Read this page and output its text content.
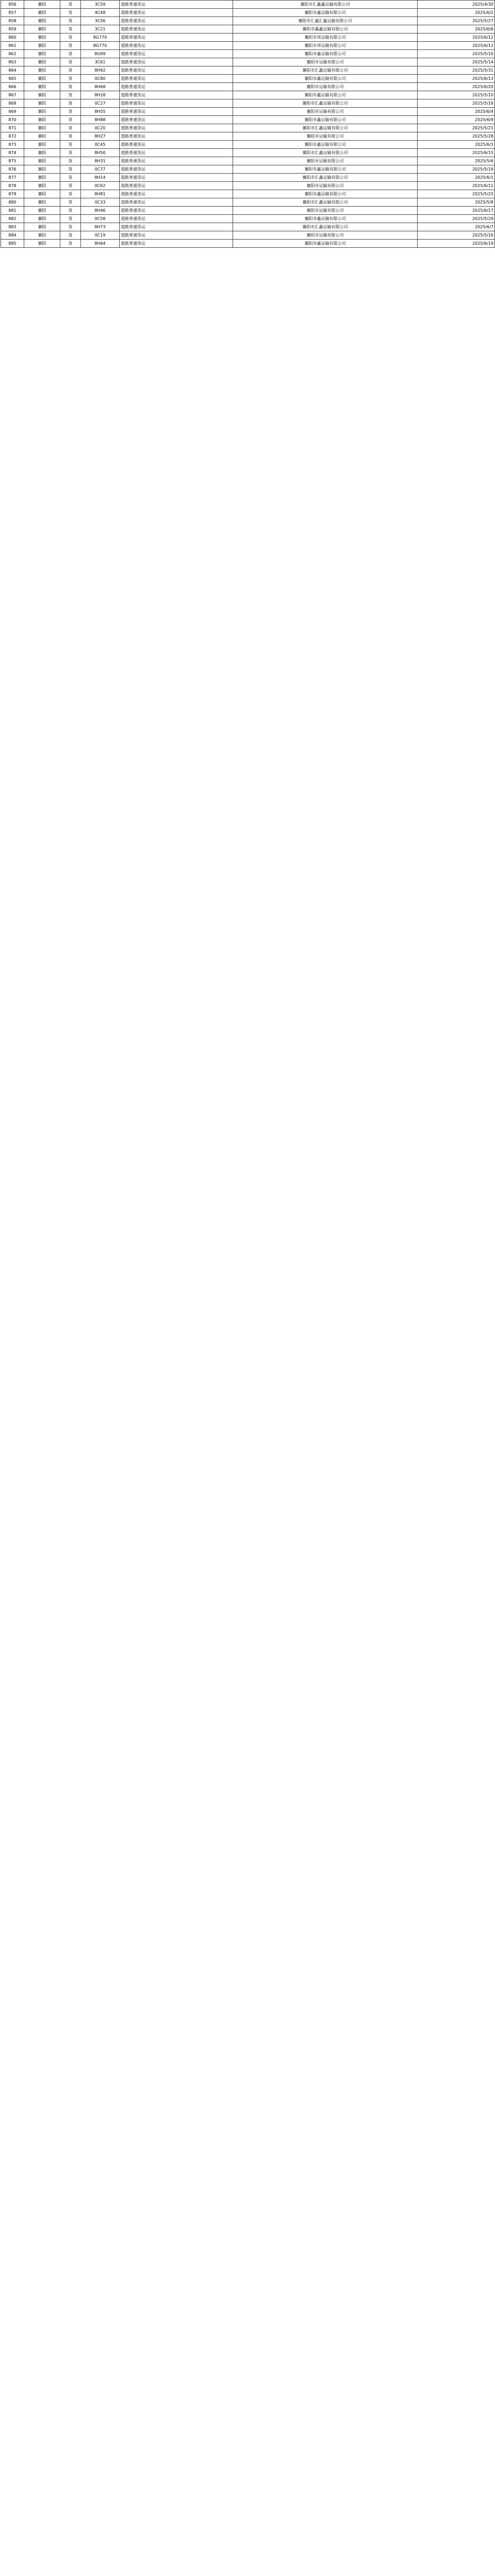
856	襄阳	货	3C59	道路普通货运	襄阳市汇鑫鑫运输有限公司	2025/4/30
857	襄阳	货	4C48	道路普通货运	襄阳市鑫运输有限公司	2025/6/2
858	襄阳	货	3C56	道路普通货运	襄阳市汇鑫汇鑫运输有限公司	2025/5/27
859	襄阳	货	3C21	道路普通货运	襄阳市鑫鑫运输有限公司	2025/6/6
860	襄阳	货	8G770	道路普通货运	襄阳市邦运输有限公司	2025/6/12
861	襄阳	货	8G770	道路普通货运	襄阳市邦运输有限公司	2025/6/12
862	襄阳	货	8G99	道路普通货运	襄阳市鑫运输有限公司	2025/5/10
863	襄阳	货	3C61	道路普通货运	襄阳市运输有限公司	2025/5/14
864	襄阳	货	8H92	道路普通货运	襄阳市汇鑫运输有限公司	2025/5/31
865	襄阳	货	0C80	道路普通货运	襄阳市鑫运输有限公司	2025/6/13
866	襄阳	货	8H68	道路普通货运	襄阳市运输有限公司	2025/6/20
867	襄阳	货	8H18	道路普通货运	襄阳市鑫运输有限公司	2025/5/10
868	襄阳	货	0C27	道路普通货运	襄阳市汇鑫运输有限公司	2025/5/18
869	襄阳	货	8H55	道路普通货运	襄阳市运输有限公司	2025/6/4
870	襄阳	货	8H88	道路普通货运	襄阳市鑫运输有限公司	2025/6/9
871	襄阳	货	0C20	道路普通货运	襄阳市汇鑫运输有限公司	2025/5/21
872	襄阳	货	8H27	道路普通货运	襄阳市运输有限公司	2025/5/28
873	襄阳	货	0C45	道路普通货运	襄阳市鑫运输有限公司	2025/6/3
874	襄阳	货	8H50	道路普通货运	襄阳市汇鑫运输有限公司	2025/6/15
875	襄阳	货	8H31	道路普通货运	襄阳市运输有限公司	2025/5/6
876	襄阳	货	0C77	道路普通货运	襄阳市鑫运输有限公司	2025/5/19
877	襄阳	货	8H14	道路普通货运	襄阳市汇鑫运输有限公司	2025/6/1
878	襄阳	货	0C62	道路普通货运	襄阳市运输有限公司	2025/6/11
879	襄阳	货	8H81	道路普通货运	襄阳市鑫运输有限公司	2025/5/25
880	襄阳	货	0C33	道路普通货运	襄阳市汇鑫运输有限公司	2025/5/8
881	襄阳	货	8H46	道路普通货运	襄阳市运输有限公司	2025/6/17
882	襄阳	货	0C58	道路普通货运	襄阳市鑫运输有限公司	2025/5/29
883	襄阳	货	8H73	道路普通货运	襄阳市汇鑫运输有限公司	2025/6/7
884	襄阳	货	0C19	道路普通货运	襄阳市运输有限公司	2025/5/16
885	襄阳	货	8H64	道路普通货运	襄阳市鑫运输有限公司	2025/6/19
